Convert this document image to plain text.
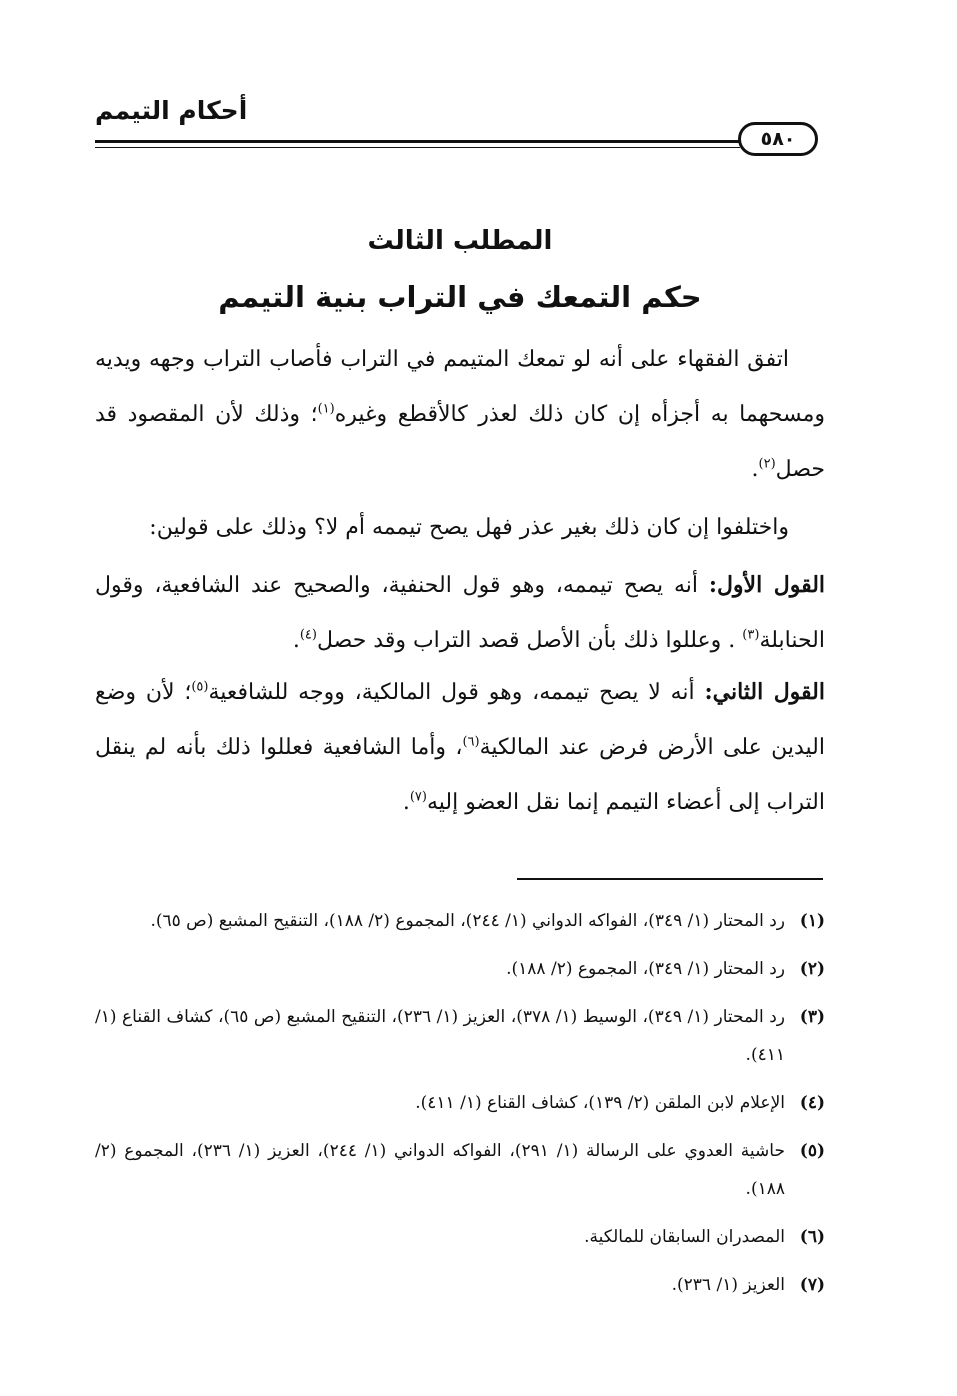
أحكام التيمم
٥٨٠
المطلب الثالث
حكم التمعك في التراب بنية التيمم

اتفق الفقهاء على أنه لو تمعك المتيمم في التراب فأصاب التراب وجهه ويديه ومسحهما به أجزأه إن كان ذلك لعذر كالأقطع وغيره$^{(١)}$؛ وذلك لأن المقصود قد حصل$^{(٢)}$.

واختلفوا إن كان ذلك بغير عذر فهل يصح تيممه أم لا؟ وذلك على قولين:

القول الأول: أنه يصح تيممه، وهو قول الحنفية، والصحيح عند الشافعية، وقول الحنابلة$^{(٣)}$ . وعللوا ذلك بأن الأصل قصد التراب وقد حصل$^{(٤)}$.

القول الثاني: أنه لا يصح تيممه، وهو قول المالكية، ووجه للشافعية$^{(٥)}$؛ لأن وضع اليدين على الأرض فرض عند المالكية$^{(٦)}$، وأما الشافعية فعللوا ذلك بأنه لم ينقل التراب إلى أعضاء التيمم إنما نقل العضو إليه$^{(٧)}$.

(١)
رد المحتار (١/ ٣٤٩)، الفواكه الدواني (١/ ٢٤٤)، المجموع (٢/ ١٨٨)، التنقيح المشبع (ص ٦٥).
(٢)
رد المحتار (١/ ٣٤٩)، المجموع (٢/ ١٨٨).
(٣)
رد المحتار (١/ ٣٤٩)، الوسيط (١/ ٣٧٨)، العزيز (١/ ٢٣٦)، التنقيح المشبع (ص ٦٥)، كشاف القناع (١/ ٤١١).
(٤)
الإعلام لابن الملقن (٢/ ١٣٩)، كشاف القناع (١/ ٤١١).
(٥)
حاشية العدوي على الرسالة (١/ ٢٩١)، الفواكه الدواني (١/ ٢٤٤)، العزيز (١/ ٢٣٦)، المجموع (٢/ ١٨٨).
(٦)
المصدران السابقان للمالكية.
(٧)
العزيز (١/ ٢٣٦).
